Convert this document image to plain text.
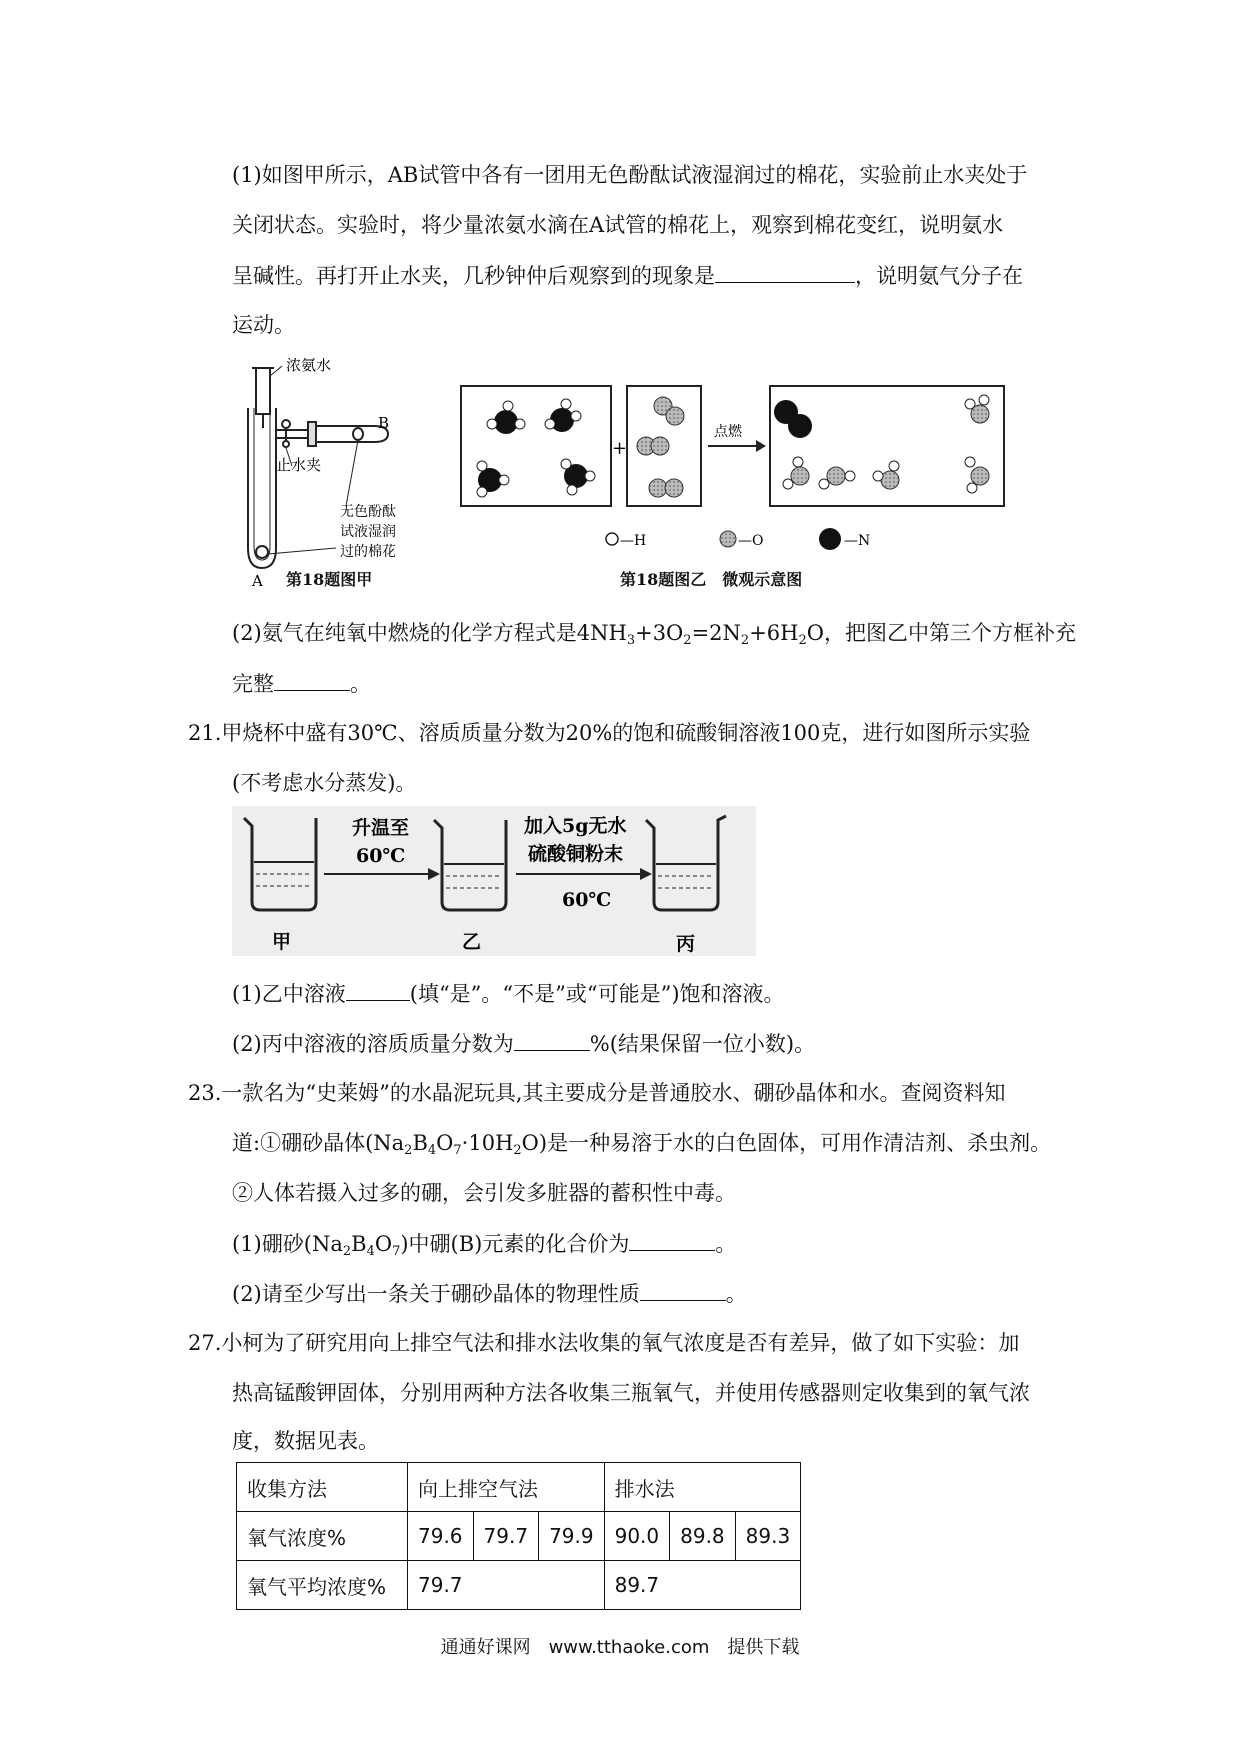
(1)如图甲所示，AB试管中各有一团用无色酚酞试液湿润过的棉花，实验前止水夹处于
关闭状态。实验时，将少量浓氨水滴在A试管的棉花上，观察到棉花变红，说明氨水
呈碱性。再打开止水夹，几秒钟仲后观察到的现象是	，说明氨气分子在
运动。
浓氨水
止水夹
B
无色酚酞
试液湿润
过的棉花
A 第18题图甲
+
点燃
—H	—O	—N
第18题图乙　微观示意图
(2)氨气在纯氧中燃烧的化学方程式是$4NH_3+3O_2=2N_2+6H_2O$，把图乙中第三个方框补充
完整	。
21.甲烧杯中盛有30℃、溶质质量分数为20%的饱和硫酸铜溶液100克，进行如图所示实验
(不考虑水分蒸发)。
升温至
60℃
加入5g无水
硫酸铜粉末
60℃
甲	乙	丙
(1)乙中溶液	(填“是”。“不是”或“可能是”)饱和溶液。
(2)丙中溶液的溶质质量分数为	%(结果保留一位小数)。
23.一款名为“史莱姆”的水晶泥玩具,其主要成分是普通胶水、硼砂晶体和水。查阅资料知
道:①硼砂晶体$(Na_2B_4O_7\cdot 10H_2O)$是一种易溶于水的白色固体，可用作清洁剂、杀虫剂。
②人体若摄入过多的硼，会引发多脏器的蓄积性中毒。
(1)硼砂$(Na_2B_4O_7)$中硼(B)元素的化合价为	。
(2)请至少写出一条关于硼砂晶体的物理性质	。
27.小柯为了研究用向上排空气法和排水法收集的氧气浓度是否有差异，做了如下实验：加
热高锰酸钾固体，分别用两种方法各收集三瓶氧气，并使用传感器则定收集到的氧气浓
度，数据见表。
收集方法	向上排空气法			排水法		
氧气浓度%	79.6	79.7	79.9	90.0	89.8	89.3
氧气平均浓度%	79.7			89.7		
通通好课网　www.tthaoke.com　提供下载
